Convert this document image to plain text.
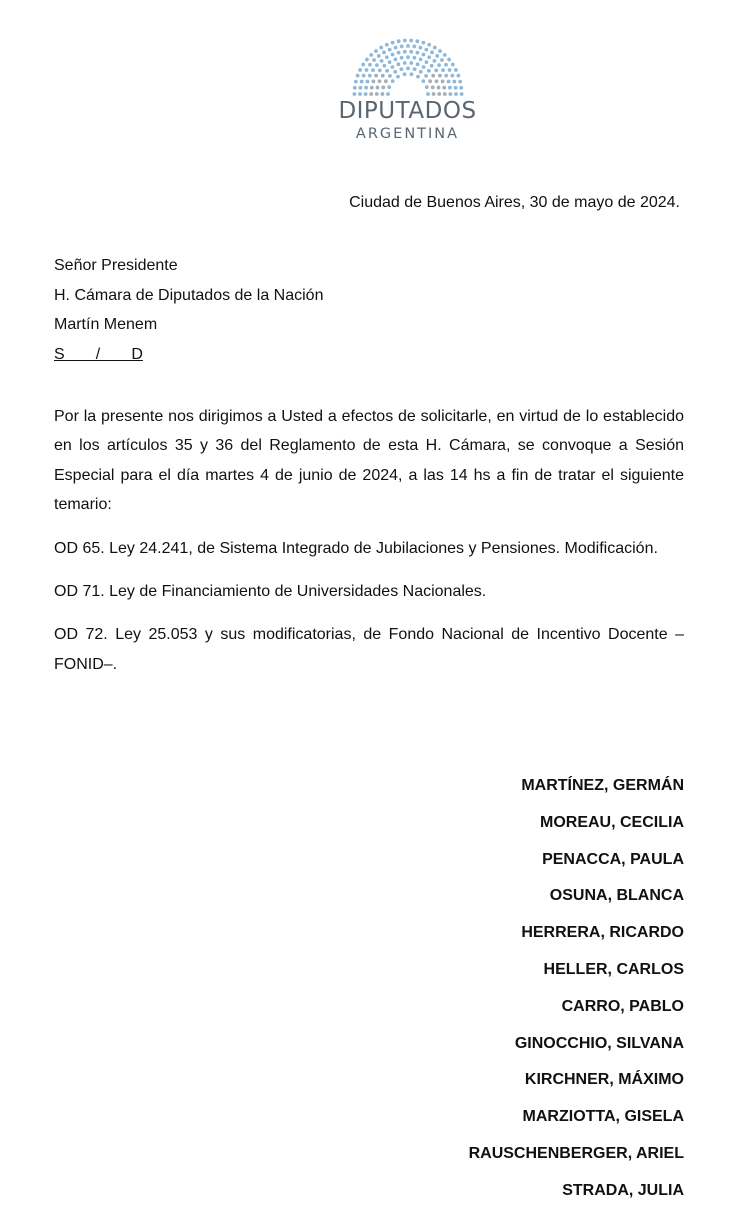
DIPUTADOS
ARGENTINA
Ciudad de Buenos Aires, 30 de mayo de 2024.
Señor Presidente
H. Cámara de Diputados de la Nación
Martín Menem
S       /       D

Por la presente nos dirigimos a Usted a efectos de solicitarle, en virtud de lo establecido en los artículos 35 y 36 del Reglamento de esta H. Cámara, se convoque a Sesión Especial para el día martes 4 de junio de 2024, a las 14 hs a fin de tratar el siguiente temario:

OD 65. Ley 24.241, de Sistema Integrado de Jubilaciones y Pensiones. Modificación.

OD 71. Ley de Financiamiento de Universidades Nacionales.

OD 72. Ley 25.053 y sus modificatorias, de Fondo Nacional de Incentivo Docente –FONID–.

MARTÍNEZ, GERMÁN
MOREAU, CECILIA
PENACCA, PAULA
OSUNA, BLANCA
HERRERA, RICARDO
HELLER, CARLOS
CARRO, PABLO
GINOCCHIO, SILVANA
KIRCHNER, MÁXIMO
MARZIOTTA, GISELA
RAUSCHENBERGER, ARIEL
STRADA, JULIA
